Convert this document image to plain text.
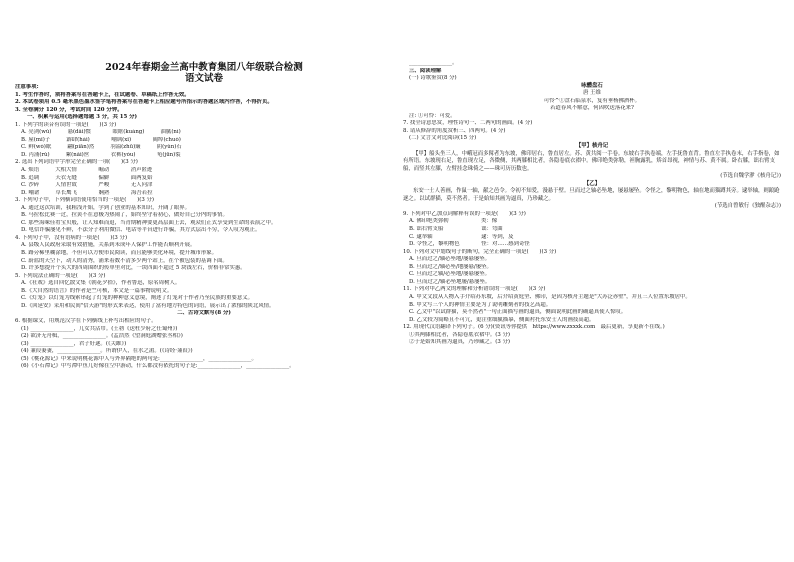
2024年春期金兰高中教育集团八年级联合检测
语文试卷
注意事项:
1. 考生作答时，须将答案写在答题卡上，在试题卷、草稿纸上作答无效。
2. 本试卷须用 0.5 毫米黑色墨水签字笔将答案写在答题卡上相应题号所指示的答题区域内作答，不得折页。
3. 全卷满分 120 分，考试时间 120 分钟。
一、积累与运用(选择题每题 3 分，共 15 分)
1. 下列字的读音有误的一项是(　　)(3 分)
A. 亮剑(wǔ)　　　悬(dǎi)惯　　　　眼眶(kuàng)　　　油腻(nì)
B. 屋(mǐ)子　　　霹肆(hài)　　　　嘲讽(xǐ)　　　　阔绰(chuò)
C. 鲜(wò)眠　　　翩(piān)然　　　羽溢(zhū)簸　　　阴(yǔn)石
D. 丙涌(rǔ)　　　絮(nǎi)丝　　　　衣裤(yóu)　　　　龟(jūn)裂
2. 选出下列词语中字形完全正确的一项(　　)(3 分)
A. 烦语　　　大相大情　　　　崛动　　　　消声匿迹
B. 追调　　　天衣无缝　　　　偏僻　　　　面两复始
C. 沙碎　　　人情世故　　　　严峻　　　　无人问津
D. 嘲谑　　　草长鹰飞　　　　娴熟　　　　海吾若拉
3. 下列句子中，下列横词语使用恰当的一项是(　　)(3 分)
A. 通过这次培训，我粗浅开始，学到了创业的基本知识，开阔了眼界。
B. 马拉松比赛一过，拉黄不在意极为热闹了，始终坚守着初心，做好自己分内的事情。
C. 那些海味佳肴宝贝般，让人知难而退，当青期精神要更高层面上去，观众们正式享受到生命的表演之中。
D. 电信诈骗屡见不鲜，不法分子利用微信、电话等平台进行诈骗，其方式层出不穷，令人叹为观止。
4. 下列句子中，没有语病的一项是(　　)(3 分)
A. 县级人民政府采取有效措施，关系到未成年人保护工作能否顺利开展。
B. 路旁稀里糊涂地，不但可以方便市民阅读，而且能够美化环境，提升城市形象。
C. 蔚蓝的天空下，动人的清秀，涌来着数不清多少两个站上，在个被包装的基调下面。
D. 许多想提升个头大的四周围织的传单里对比，一块四面不超过 5 块钱左右，价格非常实惠。
5. 下列说法正确的一项是(　　)(3 分)
A.《社戏》选自回忆散文集《朝花夕拾》，作者鲁迅，原名周树人。
B.《大自然的语言》的作者是竺可桢，本文是一篇事物说明文。
C.《灯笼》以灯笼为线索串起了灯笼的种种意义意境，阐述了灯笼对于作者乃至民族的重要意义。
D.《回延安》采用和民间"信天游"的形式来表达，使用了富有地方特色的词语，展示出了浓郁的陕北风情。
二、古诗文默写(8 分)
6. 根据课文，用规范汉字在下列横线上补写出相应的句子。
(1) ________________，儿女共沾巾。(王勃《送杜少府之任蜀州》)
(2) 欲济无舟楫，________________。(孟浩然《望洞庭湖赠张丞相》)
(3) ________________，君子好逑。(《关雎》)
(4) 蒹葭萋萋，________________。所谓伊人，在水之湄。(《诗经·蒹葭》)
(5)《桃花源记》中来说明桃花源中人与外界隔绝的两句是:________________，________________。
(6)《小石潭记》中写潭中鱼儿好像在空中游动，什么都没有依托的句子是:________________，________________。
________________。
三、阅读理解
(一) 诗歌鉴赏(8 分)
咏醴盘石
唐 王维
可怜^①盘石临泉水，复有垂杨拂酒杯。
若道春风不解意，何因吹送落花来?
注: ①可怜：可爱。
7. 找全诗意思赏，理性诗句一、二两句的画面。(4 分)
8. 请从修辞的角度赏析三、四两句。(4 分)
(二) 文言文对比阅读(15 分)
【甲】核舟记
【甲】船头坐三人，中峨冠而多髯者为东坡，佛印居右，鲁直居左。苏、黄共阅一手卷。东坡右手执卷端，左手抚鲁直背。鲁直左手执卷末，右手指卷，如有所语。东坡现右足，鲁直现左足，各微侧，其两膝相比者，各隐卷底衣褶中。佛印绝类弥勒，袒胸露乳，矫首昂视，神情与苏、黄不属。卧右膝，诎右臂支船，而竖其左膝，左臂挂念珠倚之——珠可历历数也。
(节选自魏学洢《核舟记》)
【乙】
东安一士人善画，作鼠一轴，献之邑令。令初不知爱，漫悬于壁。旦而过之轴必坠地，屡悬屡坠。令怪之，黎明物色，轴在地而猫蹲其旁。逮举轴，则踉跄逐之。以试群猫，莫不然者。于是始知其画为逼真，乃珍藏之。
(节选自曾敏行《独醒杂志》)
9. 下列对甲乙加点词解释有误的一项是(　　)(3 分)
A. 佛印绝类弥勒　　　　　　类：像
B. 诎右臂支船　　　　　　　诎：弯曲
C. 逮举轴　　　　　　　　　逮：等到，及
D. 令怪之，黎明物色　　　　怪：对……感到奇怪
10. 下列对文中划线句子的断句，完全正确的一项是(　　)(3 分)
A. 旦而过之/轴必坠地/屡悬屡坠。
B. 旦而过之/轴必坠/地屡悬/屡坠。
C. 旦而过之轴/必坠地/屡悬屡坠。
D. 旦而过之/轴必坠地屡/悬屡坠。
11. 下列对甲乙两文的理解和分析错误的一项是(　　)(3 分)
A. 甲文文段从人物入手介绍苏东坡，后介绍黄庭坚、佛印，是因为核舟主题是"大苏泛赤壁"，并且三人位置东坡居中。
B. 甲文写三个人的神情主要是为了说明雕刻者的技艺高超。
C. 乙文中"以试群猫，莫不然者"一句正面描写画的逼真，侧面说明此画的确逼真使人惊叹。
D. 乙文较为简略且不可冗，更注重细腻描摹，侧面衬托东安士人的画技高超。
12. 用现代汉语翻译下列句子。(6 分)(资讯等你提供　https://www.zxxxk.com　最后更新，享更新不在线。)
①其两膝相比者，各隐卷底衣褶中。(3 分)
②于是始知其画为逼真，乃珍藏之。(3 分)
